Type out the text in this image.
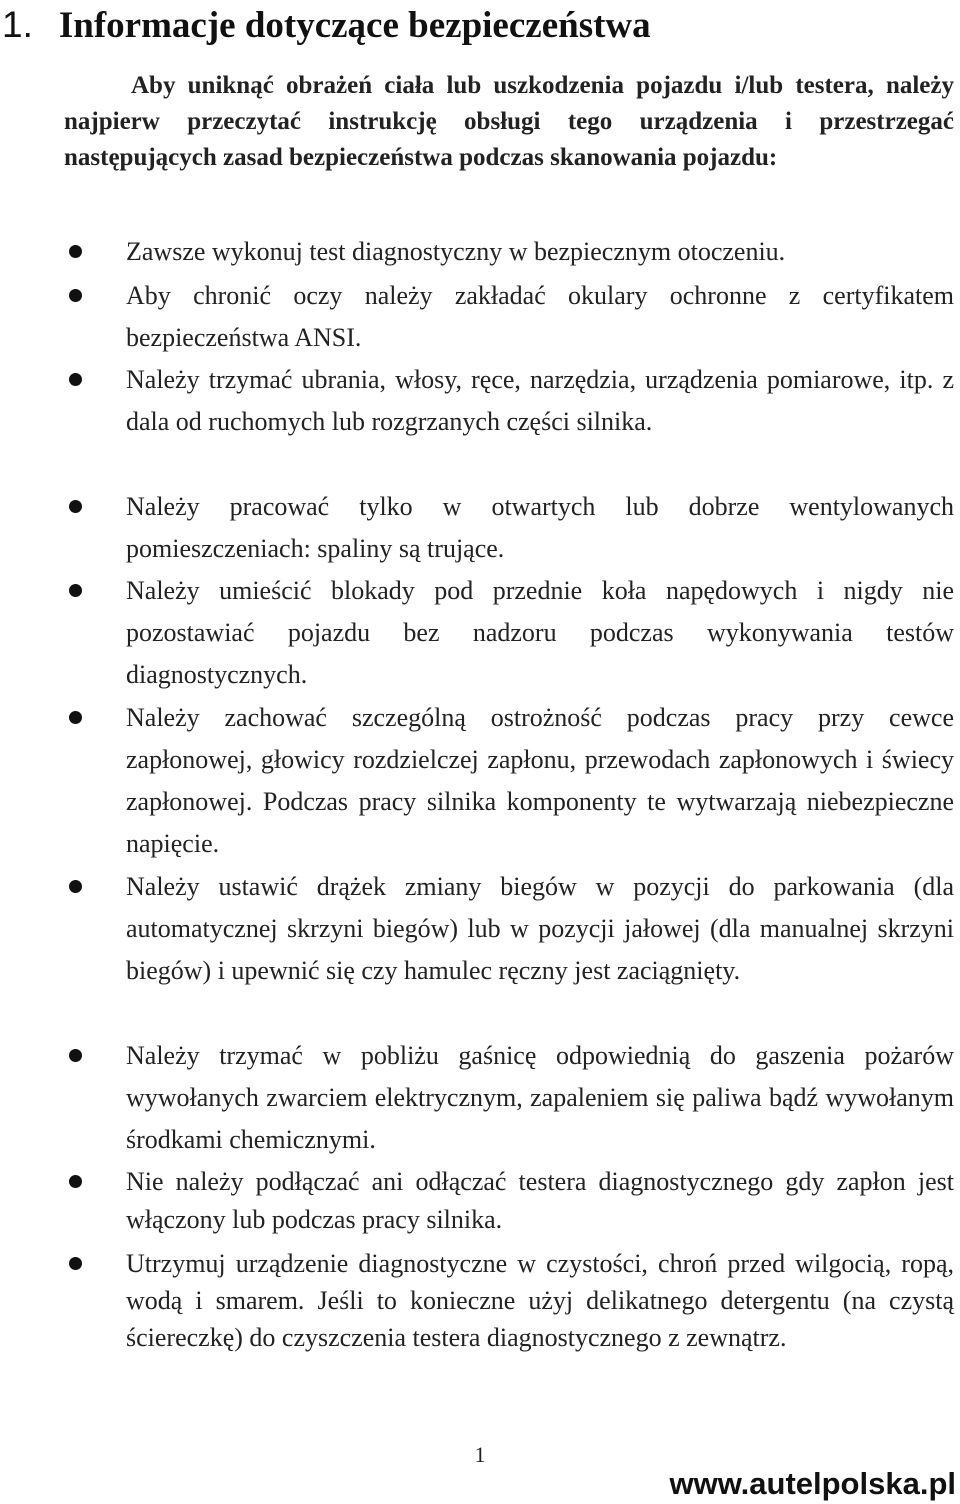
1. Informacje dotyczące bezpieczeństwa
Aby uniknąć obrażeń ciała lub uszkodzenia pojazdu i/lub testera, należy najpierw przeczytać instrukcję obsługi tego urządzenia i przestrzegać następujących zasad bezpieczeństwa podczas skanowania pojazdu:
Zawsze wykonuj test diagnostyczny w bezpiecznym otoczeniu.
Aby chronić oczy należy zakładać okulary ochronne z certyfikatem bezpieczeństwa ANSI.
Należy trzymać ubrania, włosy, ręce, narzędzia, urządzenia pomiarowe, itp. z dala od ruchomych lub rozgrzanych części silnika.
Należy pracować tylko w otwartych lub dobrze wentylowanych pomieszczeniach: spaliny są trujące.
Należy umieścić blokady pod przednie koła napędowych i nigdy nie pozostawiać pojazdu bez nadzoru podczas wykonywania testów diagnostycznych.
Należy zachować szczególną ostrożność podczas pracy przy cewce zapłonowej, głowicy rozdzielczej zapłonu, przewodach zapłonowych i świecy zapłonowej. Podczas pracy silnika komponenty te wytwarzają niebezpieczne napięcie.
Należy ustawić drążek zmiany biegów w pozycji do parkowania (dla automatycznej skrzyni biegów) lub w pozycji jałowej (dla manualnej skrzyni biegów) i upewnić się czy hamulec ręczny jest zaciągnięty.
Należy trzymać w pobliżu gaśnicę odpowiednią do gaszenia pożarów wywołanych zwarciem elektrycznym, zapaleniem się paliwa bądź wywołanym środkami chemicznymi.
Nie należy podłączać ani odłączać testera diagnostycznego gdy zapłon jest włączony lub podczas pracy silnika.
Utrzymuj urządzenie diagnostyczne w czystości, chroń przed wilgocią, ropą, wodą i smarem. Jeśli to konieczne użyj delikatnego detergentu (na czystą ściereczkę) do czyszczenia testera diagnostycznego z zewnątrz.
1
www.autelpolska.pl
